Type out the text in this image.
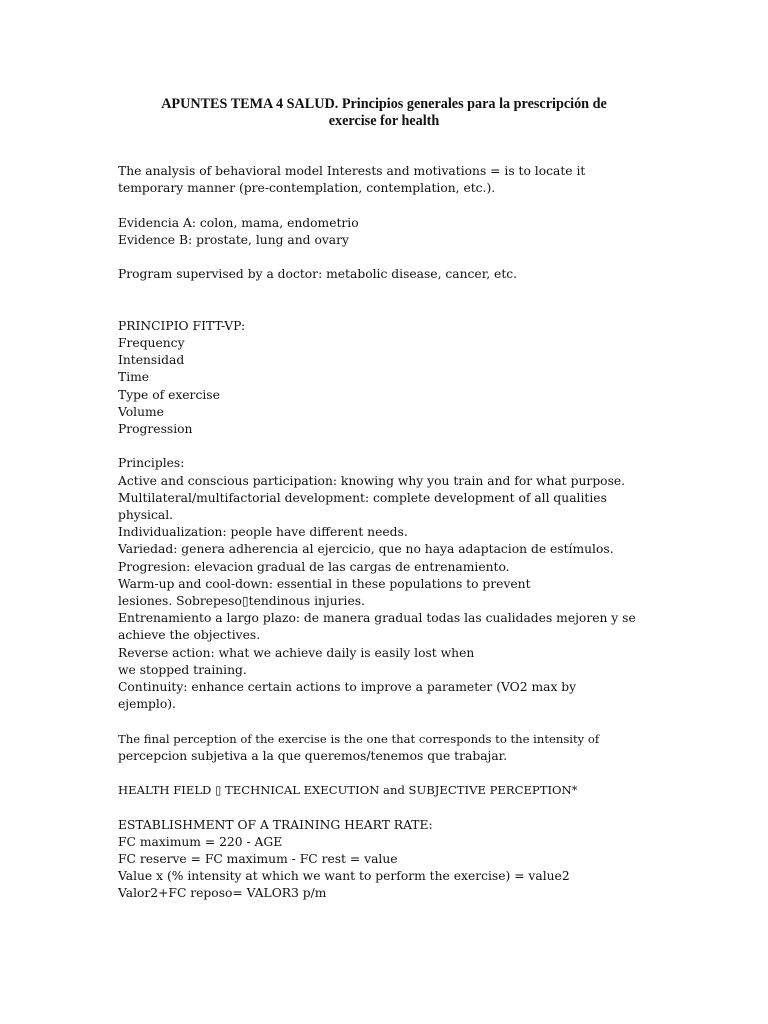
APUNTES TEMA 4 SALUD. Principios generales para la prescripción de
exercise for health
The analysis of behavioral model Interests and motivations = is to locate it
temporary manner (pre-contemplation, contemplation, etc.).
Evidencia A: colon, mama, endometrio
Evidence B: prostate, lung and ovary
Program supervised by a doctor: metabolic disease, cancer, etc.
PRINCIPIO FITT-VP:
Frequency
Intensidad
Time
Type of exercise
Volume
Progression
Principles:
Active and conscious participation: knowing why you train and for what purpose.
Multilateral/multifactorial development: complete development of all qualities
physical.
Individualization: people have different needs.
Variedad: genera adherencia al ejercicio, que no haya adaptacion de estímulos.
Progresion: elevacion gradual de las cargas de entrenamiento.
Warm-up and cool-down: essential in these populations to prevent
lesiones. Sobrepeso▯tendinous injuries.
Entrenamiento a largo plazo: de manera gradual todas las cualidades mejoren y se
achieve the objectives.
Reverse action: what we achieve daily is easily lost when
we stopped training.
Continuity: enhance certain actions to improve a parameter (VO2 max by
ejemplo).
The final perception of the exercise is the one that corresponds to the intensity of
percepcion subjetiva a la que queremos/tenemos que trabajar.
HEALTH FIELD ▯ TECHNICAL EXECUTION and SUBJECTIVE PERCEPTION*
ESTABLISHMENT OF A TRAINING HEART RATE:
FC maximum = 220 - AGE
FC reserve = FC maximum - FC rest = value
Value x (% intensity at which we want to perform the exercise) = value2
Valor2+FC reposo= VALOR3 p/m
